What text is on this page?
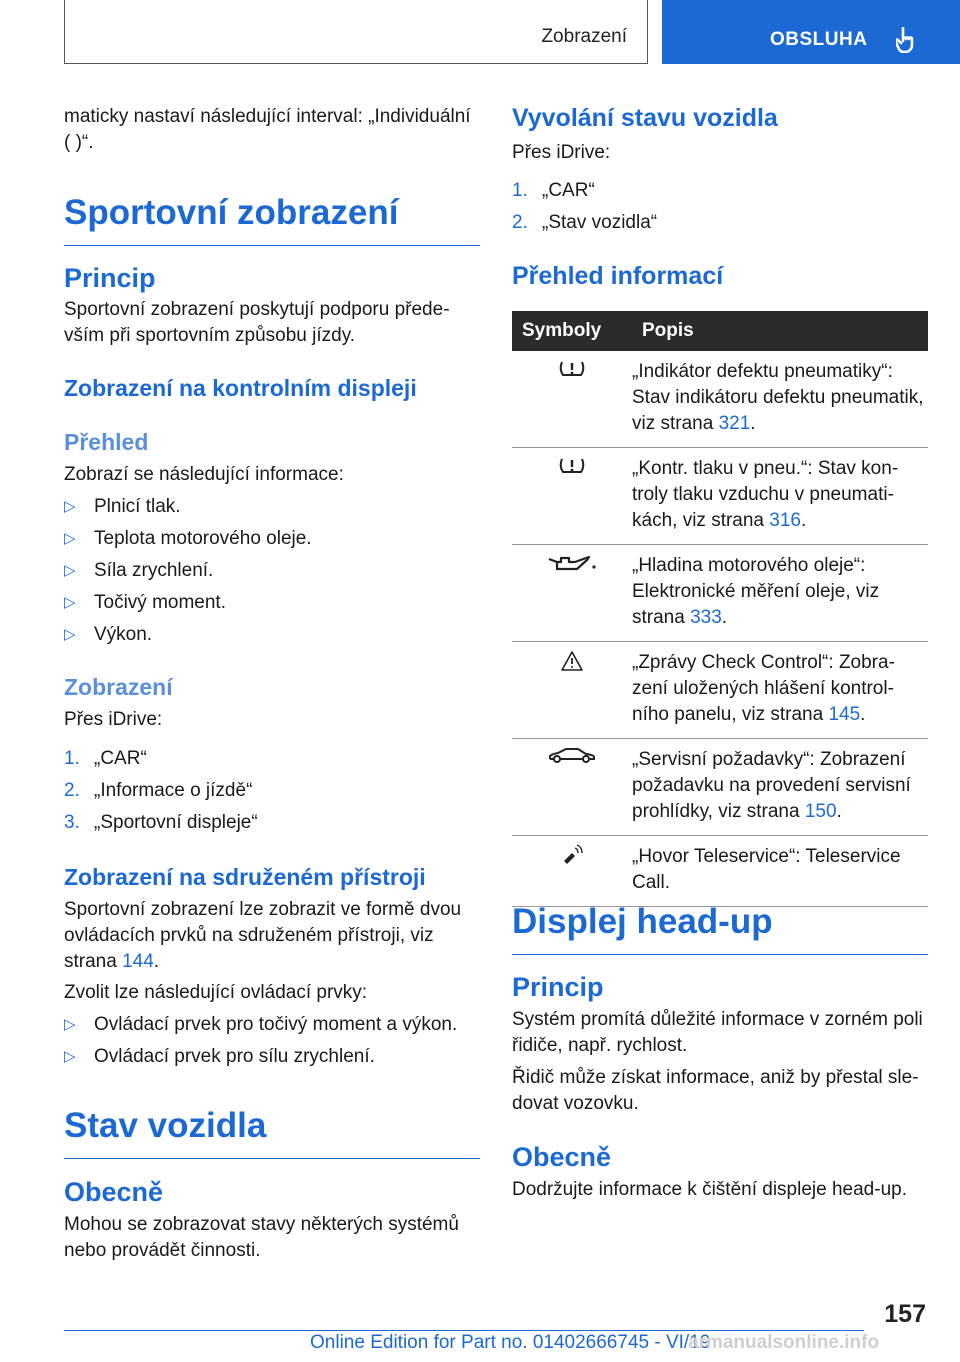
Zobrazení	OBSLUHA

maticky nastaví následující interval: „Individuální ( )“.

Sportovní zobrazení
Princip

Sportovní zobrazení poskytují podporu především při sportovním způsobu jízdy.

Zobrazení na kontrolním displeji
Přehled

Zobrazí se následující informace:

▷ Plnicí tlak.
▷ Teplota motorového oleje.
▷ Síla zrychlení.
▷ Točivý moment.
▷ Výkon.
Zobrazení

Přes iDrive:

1. „CAR“
2. „Informace o jízdě“
3. „Sportovní displeje“
Zobrazení na sdruženém přístroji

Sportovní zobrazení lze zobrazit ve formě dvou ovládacích prvků na sdruženém přístroji, viz strana 144.

Zvolit lze následující ovládací prvky:

▷ Ovládací prvek pro točivý moment a výkon.
▷ Ovládací prvek pro sílu zrychlení.
Stav vozidla
Obecně

Mohou se zobrazovat stavy některých systémů nebo provádět činnosti.

Vyvolání stavu vozidla

Přes iDrive:

1. „CAR“
2. „Stav vozidla“
Přehled informací
Symboly	Popis
	„Indikátor defektu pneumatiky“: Stav indikátoru defektu pneumatik, viz strana 321.
	„Kontr. tlaku v pneu.“: Stav kontroly tlaku vzduchu v pneumatikách, viz strana 316.
	„Hladina motorového oleje“: Elektronické měření oleje, viz strana 333.
	„Zprávy Check Control“: Zobrazení uložených hlášení kontrolního panelu, viz strana 145.
	„Servisní požadavky“: Zobrazení požadavku na provedení servisní prohlídky, viz strana 150.
	„Hovor Teleservice“: Teleservice Call.
Displej head-up
Princip

Systém promítá důležité informace v zorném poli řidiče, např. rychlost.

Řidič může získat informace, aniž by přestal sledovat vozovku.

Obecně

Dodržujte informace k čištění displeje head-up.

157
Online Edition for Part no. 01402666745 - VI/19
armanualsonline.info
